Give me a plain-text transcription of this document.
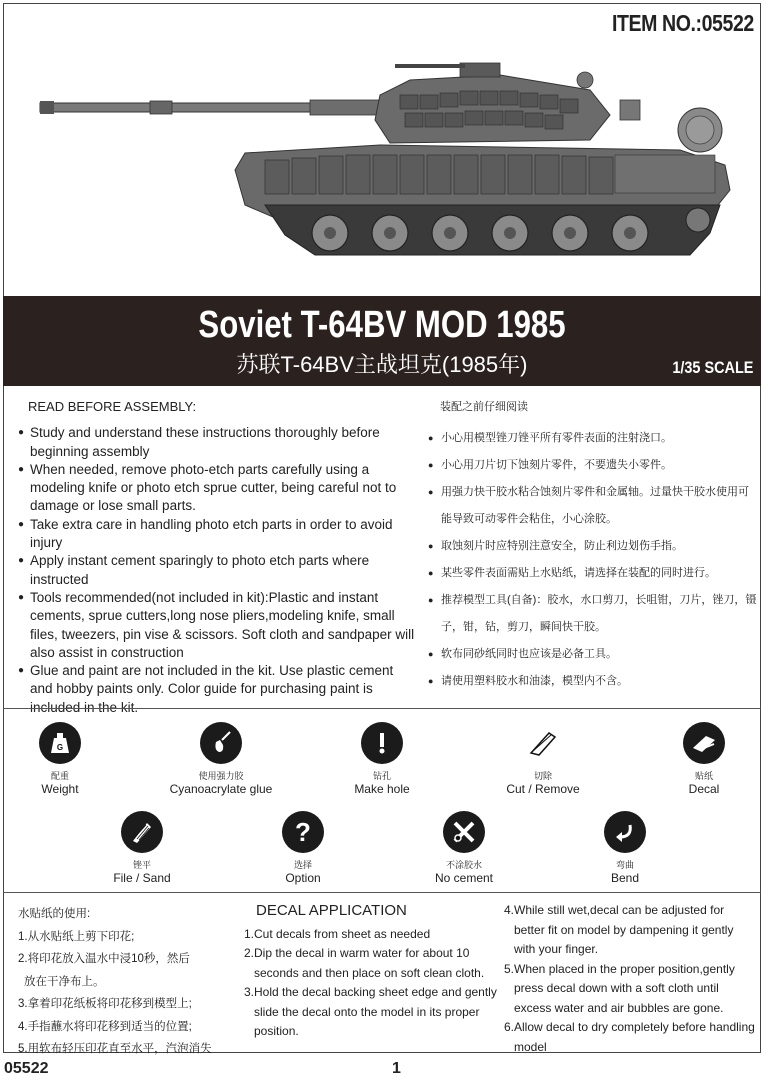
ITEM NO.:05522
Soviet T-64BV MOD 1985
苏联T-64BV主战坦克(1985年)	1/35 SCALE
READ BEFORE ASSEMBLY:
● Study and understand these instructions thoroughly before beginning assembly
● When needed, remove photo-etch parts carefully using a modeling knife or photo etch sprue cutter, being careful not to damage or lose small parts.
● Take extra care in handling photo etch parts in order to avoid injury
● Apply instant cement sparingly to photo etch parts where instructed
● Tools recommended(not included in kit):Plastic and instant cements, sprue cutters,long nose pliers,modeling knife, small files, tweezers, pin vise & scissors. Soft cloth and sandpaper will also assist in construction
● Glue and paint are not included in the kit. Use plastic cement and hobby paints only. Color guide for purchasing paint is included in the kit.
装配之前仔细阅读
● 小心用模型锉刀锉平所有零件表面的注射浇口。
● 小心用刀片切下蚀刻片零件，不要遗失小零件。
● 用强力快干胶水粘合蚀刻片零件和金属轴。过量快干胶水使用可能导致可动零件会粘住，小心涂胶。
● 取蚀刻片时应特别注意安全，防止利边划伤手指。
● 某些零件表面需贴上水贴纸，请选择在装配的同时进行。
● 推荐模型工具(自备)：胶水，水口剪刀，长咀钳，刀片，锉刀，镊子，钳，钻，剪刀，瞬间快干胶。
● 软布同砂纸同时也应该是必备工具。
● 请使用塑料胶水和油漆，模型内不含。
G
配重
Weight
使用强力胶
Cyanoacrylate glue
钻孔
Make hole
切除
Cut / Remove
贴纸
Decal
锉平
File / Sand
?
选择
Option
不涂胶水
No cement
弯曲
Bend
水贴纸的使用:
1.从水贴纸上剪下印花;
2.将印花放入温水中浸10秒，然后
放在干净布上。
3.拿着印花纸板将印花移到模型上;
4.手指蘸水将印花移到适当的位置;
5.用软布轻压印花直至水平，汽泡消失
DECAL APPLICATION
1.Cut decals from sheet as needed
2.Dip the decal in warm water for about 10 seconds and then place on soft clean cloth.
3.Hold the decal backing sheet edge and gently slide the decal onto the model in its proper position.
4.While still wet,decal can be adjusted for better fit on model by dampening it gently with your finger.
5.When placed in the proper position,gently press decal down with a soft cloth until excess water and air bubbles are gone.
6.Allow decal to dry completely before handling model
05522	1
